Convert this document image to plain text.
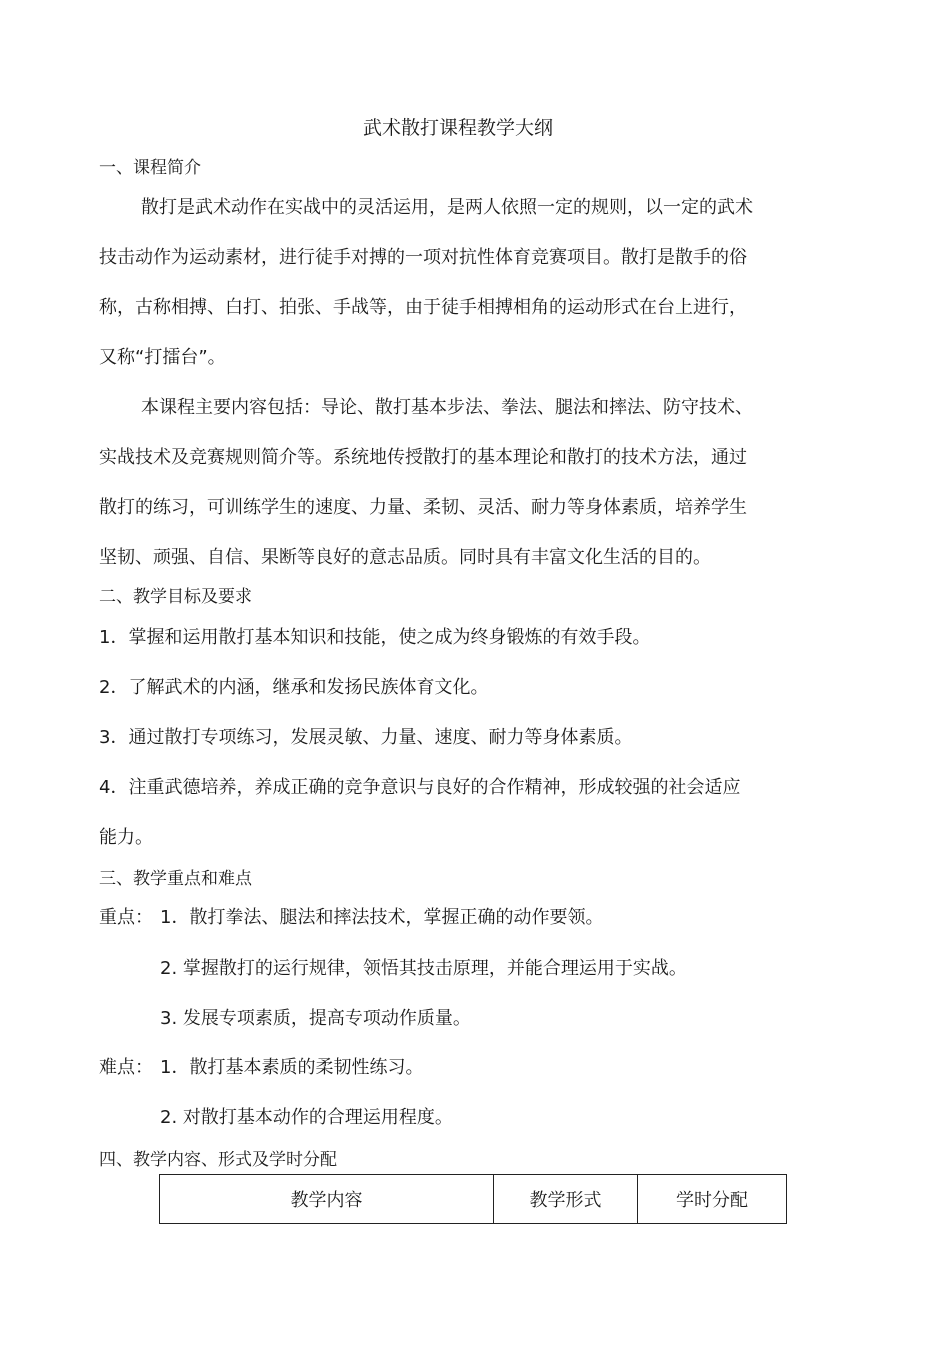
武术散打课程教学大纲
一、课程简介
散打是武术动作在实战中的灵活运用，是两人依照一定的规则，以一定的武术
技击动作为运动素材，进行徒手对搏的一项对抗性体育竞赛项目。散打是散手的俗
称，古称相搏、白打、拍张、手战等，由于徒手相搏相角的运动形式在台上进行，
又称“打擂台”。
本课程主要内容包括：导论、散打基本步法、拳法、腿法和摔法、防守技术、
实战技术及竞赛规则简介等。系统地传授散打的基本理论和散打的技术方法，通过
散打的练习，可训练学生的速度、力量、柔韧、灵活、耐力等身体素质，培养学生
坚韧、顽强、自信、果断等良好的意志品质。同时具有丰富文化生活的目的。
二、教学目标及要求
1．掌握和运用散打基本知识和技能，使之成为终身锻炼的有效手段。
2．了解武术的内涵，继承和发扬民族体育文化。
3．通过散打专项练习，发展灵敏、力量、速度、耐力等身体素质。
4．注重武德培养，养成正确的竞争意识与良好的合作精神，形成较强的社会适应
能力。
三、教学重点和难点
重点： 1．散打拳法、腿法和摔法技术，掌握正确的动作要领。
2. 掌握散打的运行规律，领悟其技击原理，并能合理运用于实战。
3. 发展专项素质，提高专项动作质量。
难点： 1．散打基本素质的柔韧性练习。
2. 对散打基本动作的合理运用程度。
四、教学内容、形式及学时分配
教学内容	教学形式	学时分配
